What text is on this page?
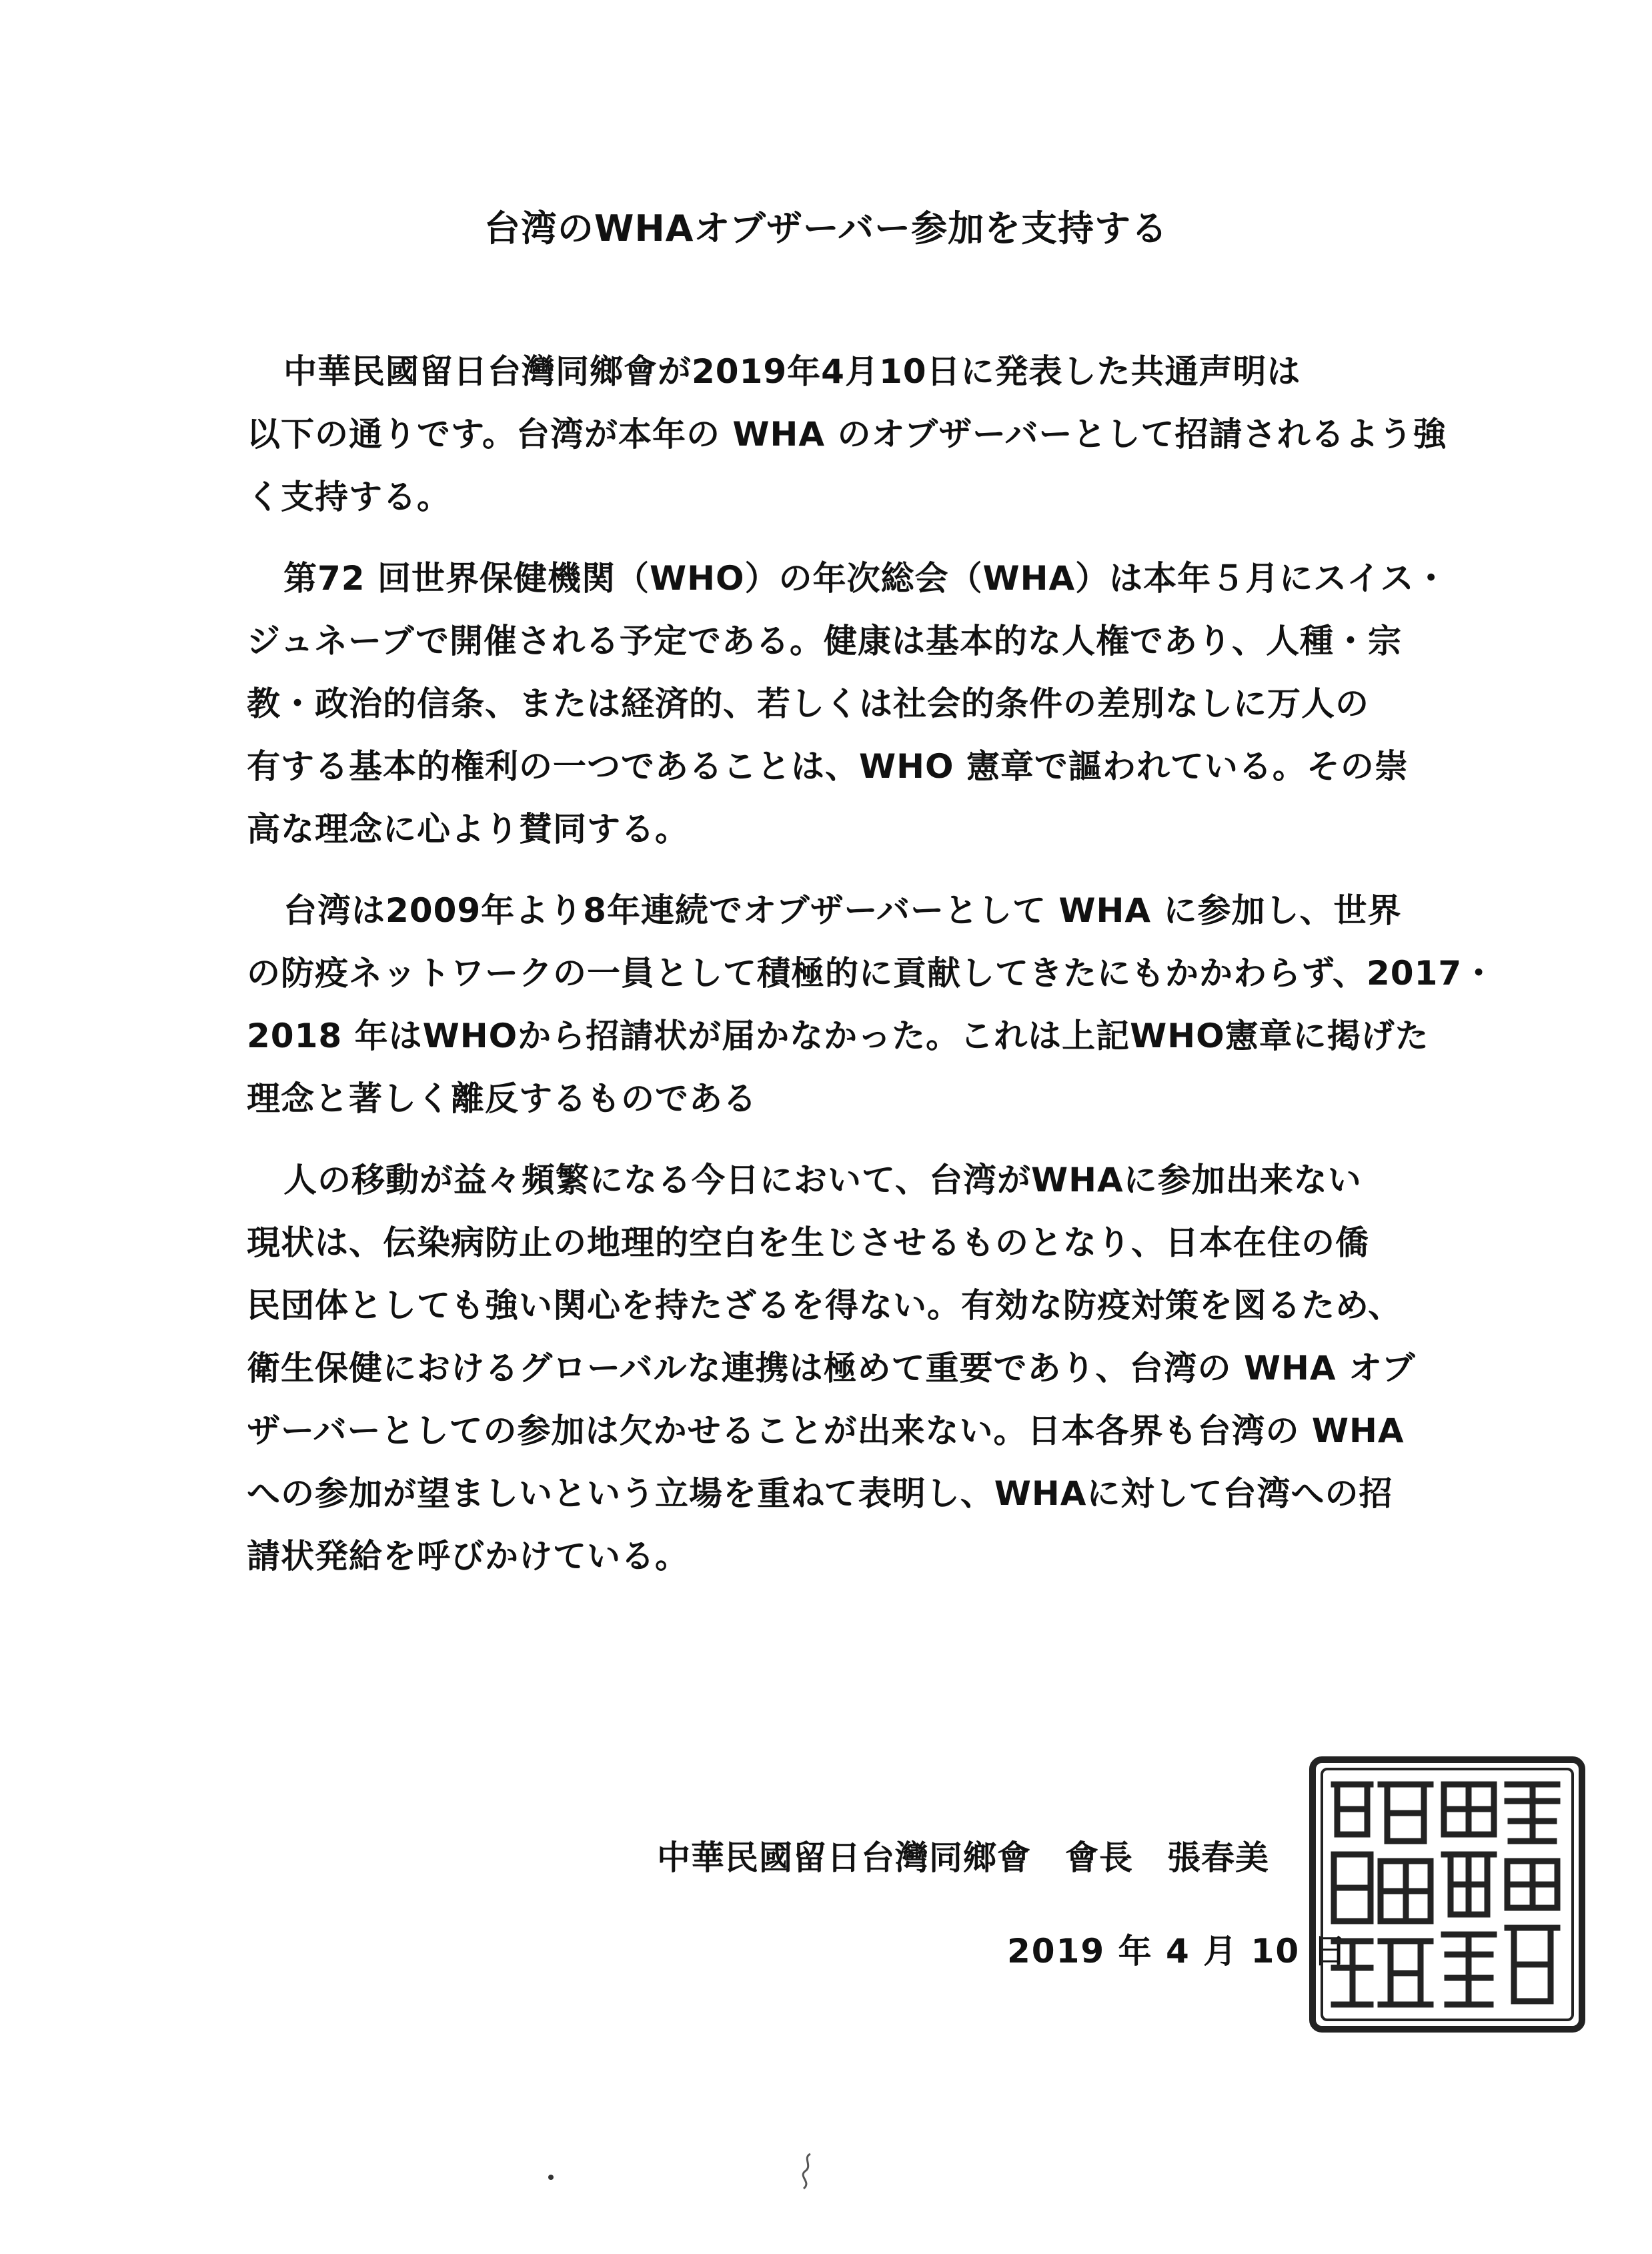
台湾のWHAオブザーバー参加を支持する
中華民國留日台灣同鄉會が2019年4月10日に発表した共通声明は
以下の通りです。台湾が本年の WHA のオブザーバーとして招請されるよう強
く支持する。
第72 回世界保健機関（WHO）の年次総会（WHA）は本年５月にスイス・
ジュネーブで開催される予定である。健康は基本的な人権であり、人種・宗
教・政治的信条、または経済的、若しくは社会的条件の差別なしに万人の
有する基本的権利の一つであることは、WHO 憲章で謳われている。その崇
高な理念に心より賛同する。
台湾は2009年より8年連続でオブザーバーとして WHA に参加し、世界
の防疫ネットワークの一員として積極的に貢献してきたにもかかわらず、2017・
2018 年はWHOから招請状が届かなかった。これは上記WHO憲章に掲げた
理念と著しく離反するものである
人の移動が益々頻繁になる今日において、台湾がWHAに参加出来ない
現状は、伝染病防止の地理的空白を生じさせるものとなり、日本在住の僑
民団体としても強い関心を持たざるを得ない。有効な防疫対策を図るため、
衛生保健におけるグローバルな連携は極めて重要であり、台湾の WHA オブ
ザーバーとしての参加は欠かせることが出来ない。日本各界も台湾の WHA
への参加が望ましいという立場を重ねて表明し、WHAに対して台湾への招
請状発給を呼びかけている。
中華民國留日台灣同鄉會　會長　張春美
2019 年 4 月 10 日
